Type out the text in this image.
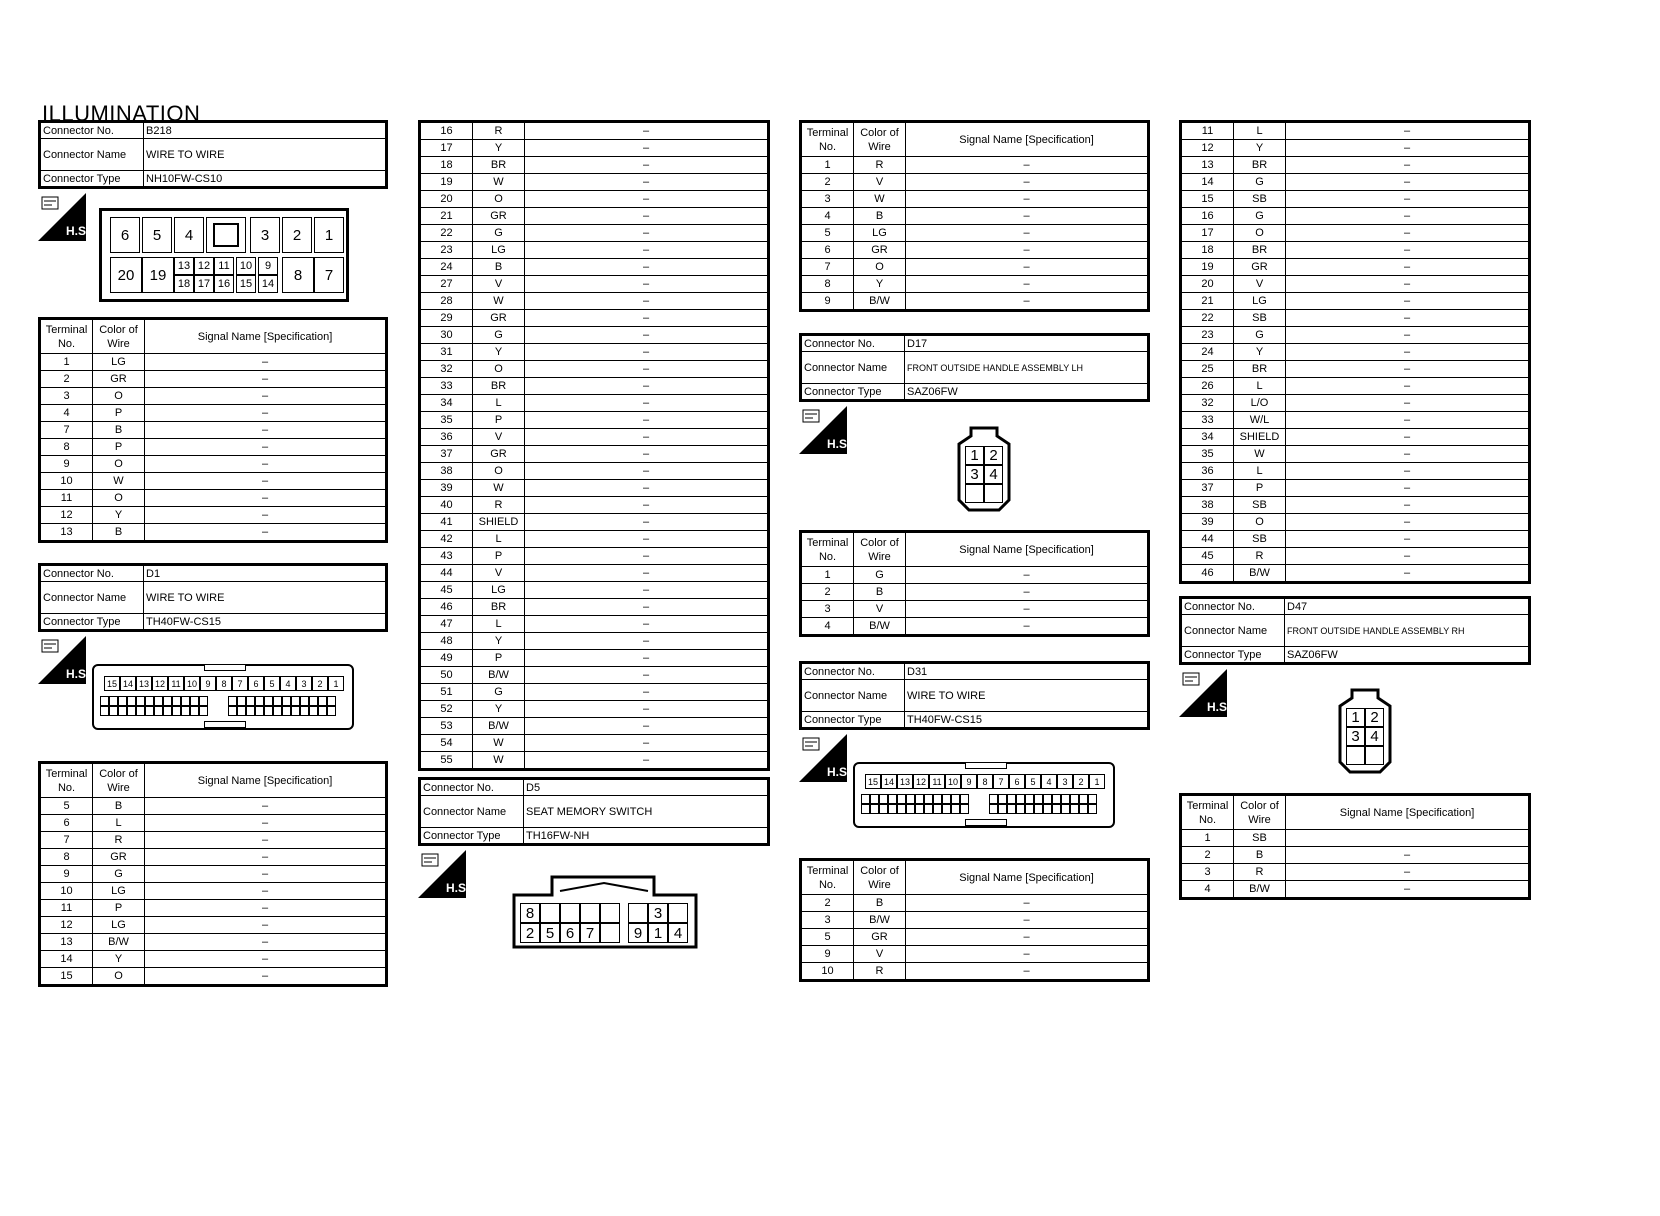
ILLUMINATION
Connector No.	B218
Connector Name	WIRE TO WIRE
Connector Type	NH10FW-CS10
H.S.	6	5	4	3	2	1
20	19
13 12 11 10	9
18 17 16 15 14
8	7
Terminal No.	Color of Wire	Signal Name [Specification]
1	LG	–
2	GR	–
3	O	–
4	P	–
7	B	–
8	P	–
9	O	–
10	W	–
11	O	–
12	Y	–
13	B	–
Connector No.	D1
Connector Name	WIRE TO WIRE
Connector Type	TH40FW-CS15
H.S.
15 14 13 12 11 10 9	8	7	6	5	4	3	2	1
Terminal No.	Color of Wire	Signal Name [Specification]
5	B	–
6	L	–
7	R	–
8	GR	–
9	G	–
10	LG	–
11	P	–
12	LG	–
13	B/W	–
14	Y	–
15	O	–
16	R	–
17	Y	–
18	BR	–
19	W	–
20	O	–
21	GR	–
22	G	–
23	LG	–
24	B	–
27	V	–
28	W	–
29	GR	–
30	G	–
31	Y	–
32	O	–
33	BR	–
34	L	–
35	P	–
36	V	–
37	GR	–
38	O	–
39	W	–
40	R	–
41	SHIELD	–
42	L	–
43	P	–
44	V	–
45	LG	–
46	BR	–
47	L	–
48	Y	–
49	P	–
50	B/W	–
51	G	–
52	Y	–
53	B/W	–
54	W	–
55	W	–
Connector No.	D5
Connector Name	SEAT MEMORY SWITCH
Connector Type	TH16FW-NH
H.S.
8	3
2 5 6 7	9 1 4
Terminal No.	Color of Wire	Signal Name [Specification]
1	R	–
2	V	–
3	W	–
4	B	–
5	LG	–
6	GR	–
7	O	–
8	Y	–
9	B/W	–
Connector No.	D17
Connector Name	FRONT OUTSIDE HANDLE ASSEMBLY LH
Connector Type	SAZ06FW
H.S.
1 2
3 4
Terminal No.	Color of Wire	Signal Name [Specification]
1	G	–
2	B	–
3	V	–
4	B/W	–
Connector No.	D31
Connector Name	WIRE TO WIRE
Connector Type	TH40FW-CS15
H.S.
15 14 13 12 11 10 9	8	7	6	5	4	3	2	1
Terminal No.	Color of Wire	Signal Name [Specification]
2	B	–
3	B/W	–
5	GR	–
9	V	–
10	R	–
11	L	–
12	Y	–
13	BR	–
14	G	–
15	SB	–
16	G	–
17	O	–
18	BR	–
19	GR	–
20	V	–
21	LG	–
22	SB	–
23	G	–
24	Y	–
25	BR	–
26	L	–
32	L/O	–
33	W/L	–
34	SHIELD	–
35	W	–
36	L	–
37	P	–
38	SB	–
39	O	–
44	SB	–
45	R	–
46	B/W	–
Connector No.	D47
Connector Name	FRONT OUTSIDE HANDLE ASSEMBLY RH
Connector Type	SAZ06FW
H.S.
1 2
3 4
Terminal No.	Color of Wire	Signal Name [Specification]
1	SB	
2	B	–
3	R	–
4	B/W	–
